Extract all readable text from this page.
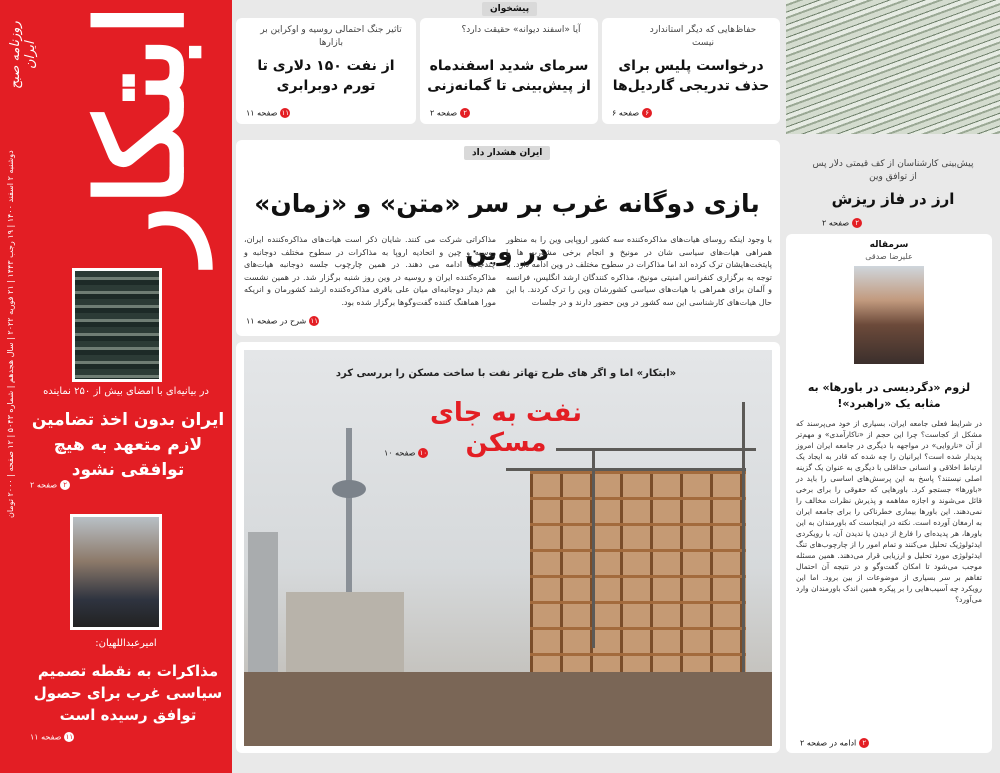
ابتکار
روزنامه صبح ایران
دوشنبه ۲ اسفند ۱۴۰۰ | ۱۹ رجب ۱۴۴۳ | ۲۱ فوریه ۲۰۲۲ | سال هجدهم | شماره ۵۰۴۳ | ۱۲ صفحه | ۲۰۰۰ تومان
در بیانیه‌ای با امضای بیش از ۲۵۰ نماینده
ایران بدون اخذ تضامین لازم متعهد به هیچ توافقی نشود
۲صفحه ۲
امیرعبداللهیان:
مذاکرات به نقطه تصمیم سیاسی غرب برای حصول توافق رسیده است
۱۱صفحه ۱۱
پیشخوان
حفاظ‌هایی که دیگر استاندارد نیست
درخواست پلیس برای حذف تدریجی گاردیل‌ها
۶صفحه ۶
آیا «اسفند دیوانه» حقیقت دارد؟
سرمای شدید اسفندماه از پیش‌بینی تا گمانه‌زنی
۲صفحه ۲
تاثیر جنگ احتمالی روسیه و اوکراین بر بازارها
از نفت ۱۵۰ دلاری تا تورم دوبرابری
۱۱صفحه ۱۱
پیش‌بینی کارشناسان از کف قیمتی دلار پس از توافق وین
ارز در فاز ریزش
۲صفحه ۲
ایران هشدار داد
بازی دوگانه غرب بر سر «متن» و «زمان» در وین
با وجود اینکه روسای هیات‌های مذاکره‌کننده سه کشور اروپایی وین را به منظور همراهی هیات‌های سیاسی شان در مونیخ و انجام برخی مشورت ها با پایتخت‌هایشان ترک کرده اند اما مذاکرات در سطوح مختلف در وین ادامه دارد. با توجه به برگزاری کنفرانس امنیتی مونیخ، مذاکره کنندگان ارشد انگلیس، فرانسه و آلمان برای همراهی با هیات‌های سیاسی کشورشان وین را ترک کردند. با این حال هیات‌های کارشناسی این سه کشور در وین حضور دارند و در جلسات
مذاکراتی شرکت می کنند. شایان ذکر است هیات‌های مذاکره‌کننده ایران، روسیه و چین و اتحادیه اروپا به مذاکرات در سطوح مختلف دوجانبه و چندجانبه ادامه می دهند. در همین چارچوب جلسه دوجانبه هیات‌های مذاکره‌کننده ایران و روسیه در وین روز شنبه برگزار شد. در همین نشست هم دیدار دوجانبه‌ای میان علی باقری مذاکره‌کننده ارشد کشورمان و انریکه مورا هماهنگ کننده گفت‌وگوها برگزار شده بود.
۱۱شرح در صفحه ۱۱
«ابتکار» اما و اگر های طرح تهاتر نفت با ساخت مسکن را بررسی کرد
نفت به جای مسکن
۱۰صفحه ۱۰
سرمقاله
علیرضا صدقی
لزوم «دگردیسی در باورها» به مثابه یک «راهبرد»!
در شرایط فعلی جامعه ایران، بسیاری از خود می‌پرسند که مشکل از کجاست؟ چرا این حجم از «ناکارآمدی» و مهم‌تر از آن «ناروایی» در مواجهه با دیگری در جامعه ایران امروز پدیدار شده است؟ ایرانیان را چه شده که قادر به ایجاد یک ارتباط اخلاقی و انسانی حداقلی با دیگری به عنوان یک گزینه اصلی نیستند؟ پاسخ به این پرسش‌های اساسی را باید در «باورها» جستجو کرد. باورهایی که حقوقی را برای برخی قائل می‌شوند و اجازه مفاهمه و پذیرش نظرات مخالف را نمی‌دهند. این باورها بیماری خطرناکی را برای جامعه ایران به ارمغان آورده است. نکته در اینجاست که باورمندان به این باورها، هر پدیده‌ای را فارغ از دیدن یا ندیدن آن، با رویکردی ایدئولوژیک تحلیل می‌کنند و تمام امور را از چارچوب‌های تنگ ایدئولوژی مورد تحلیل و ارزیابی قرار می‌دهند. همین مسئله موجب می‌شود تا امکان گفت‌وگو و در نتیجه آن احتمال تفاهم بر سر بسیاری از موضوعات از بین برود. اما این رویکرد چه آسیب‌هایی را بر پیکره همین اندک باورمندان وارد می‌آورد؟
۲ادامه در صفحه ۲
